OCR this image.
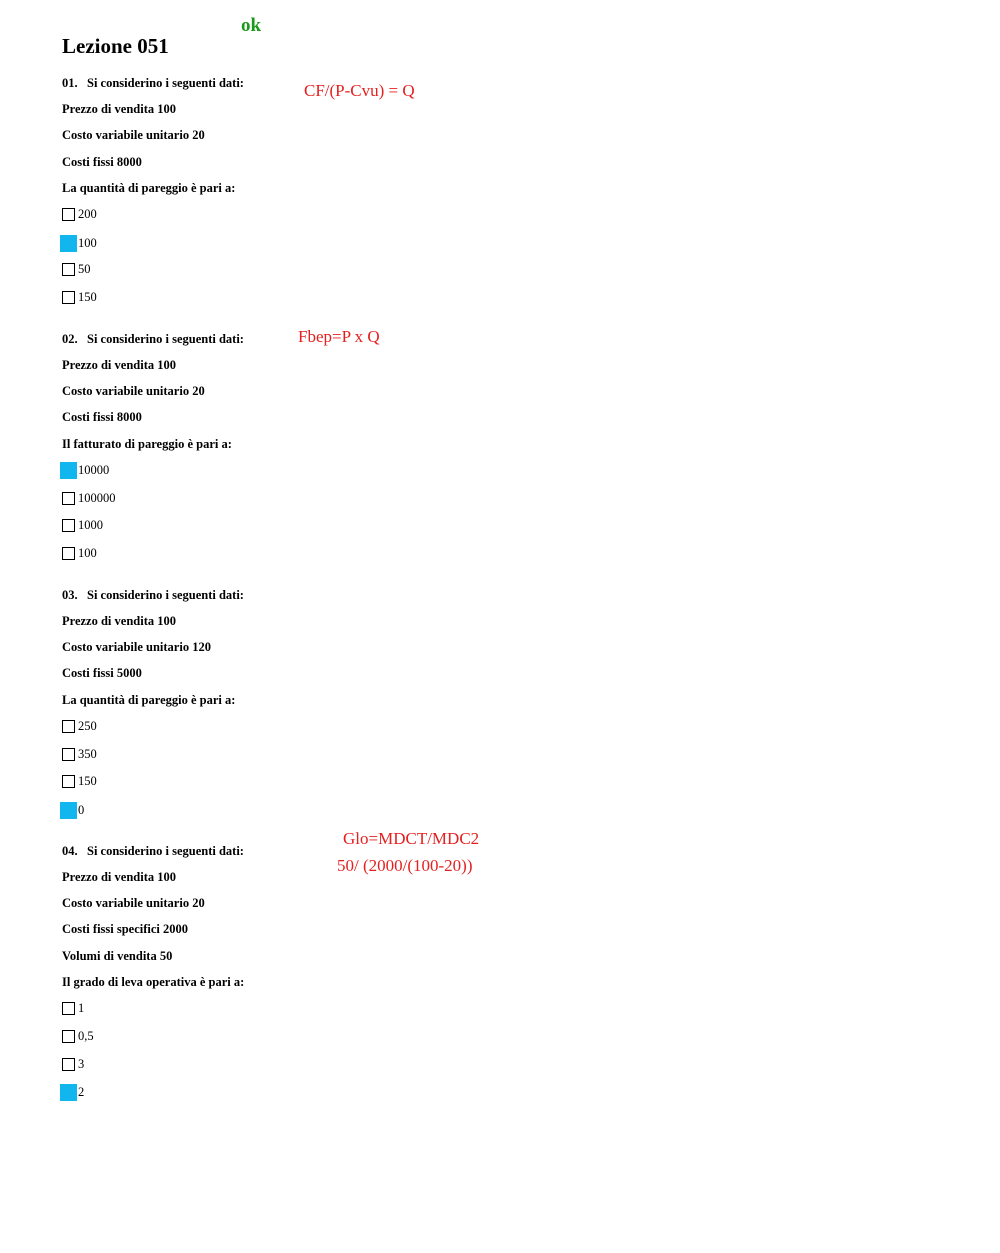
ok
Lezione 051
01. Si considerino i seguenti dati:
Prezzo di vendita 100
Costo variabile unitario 20
Costi fissi 8000
La quantità di pareggio è pari a:
200
100
50
150
CF/(P-Cvu) = Q
02. Si considerino i seguenti dati:
Prezzo di vendita 100
Costo variabile unitario 20
Costi fissi 8000
Il fatturato di pareggio è pari a:
10000
100000
1000
100
Fbep=P x Q
03. Si considerino i seguenti dati:
Prezzo di vendita 100
Costo variabile unitario 120
Costi fissi 5000
La quantità di pareggio è pari a:
250
350
150
0
04. Si considerino i seguenti dati:
Prezzo di vendita 100
Costo variabile unitario 20
Costi fissi specifici 2000
Volumi di vendita 50
Il grado di leva operativa è pari a:
1
0,5
3
2
Glo=MDCT/MDC2
50/ (2000/(100-20))
